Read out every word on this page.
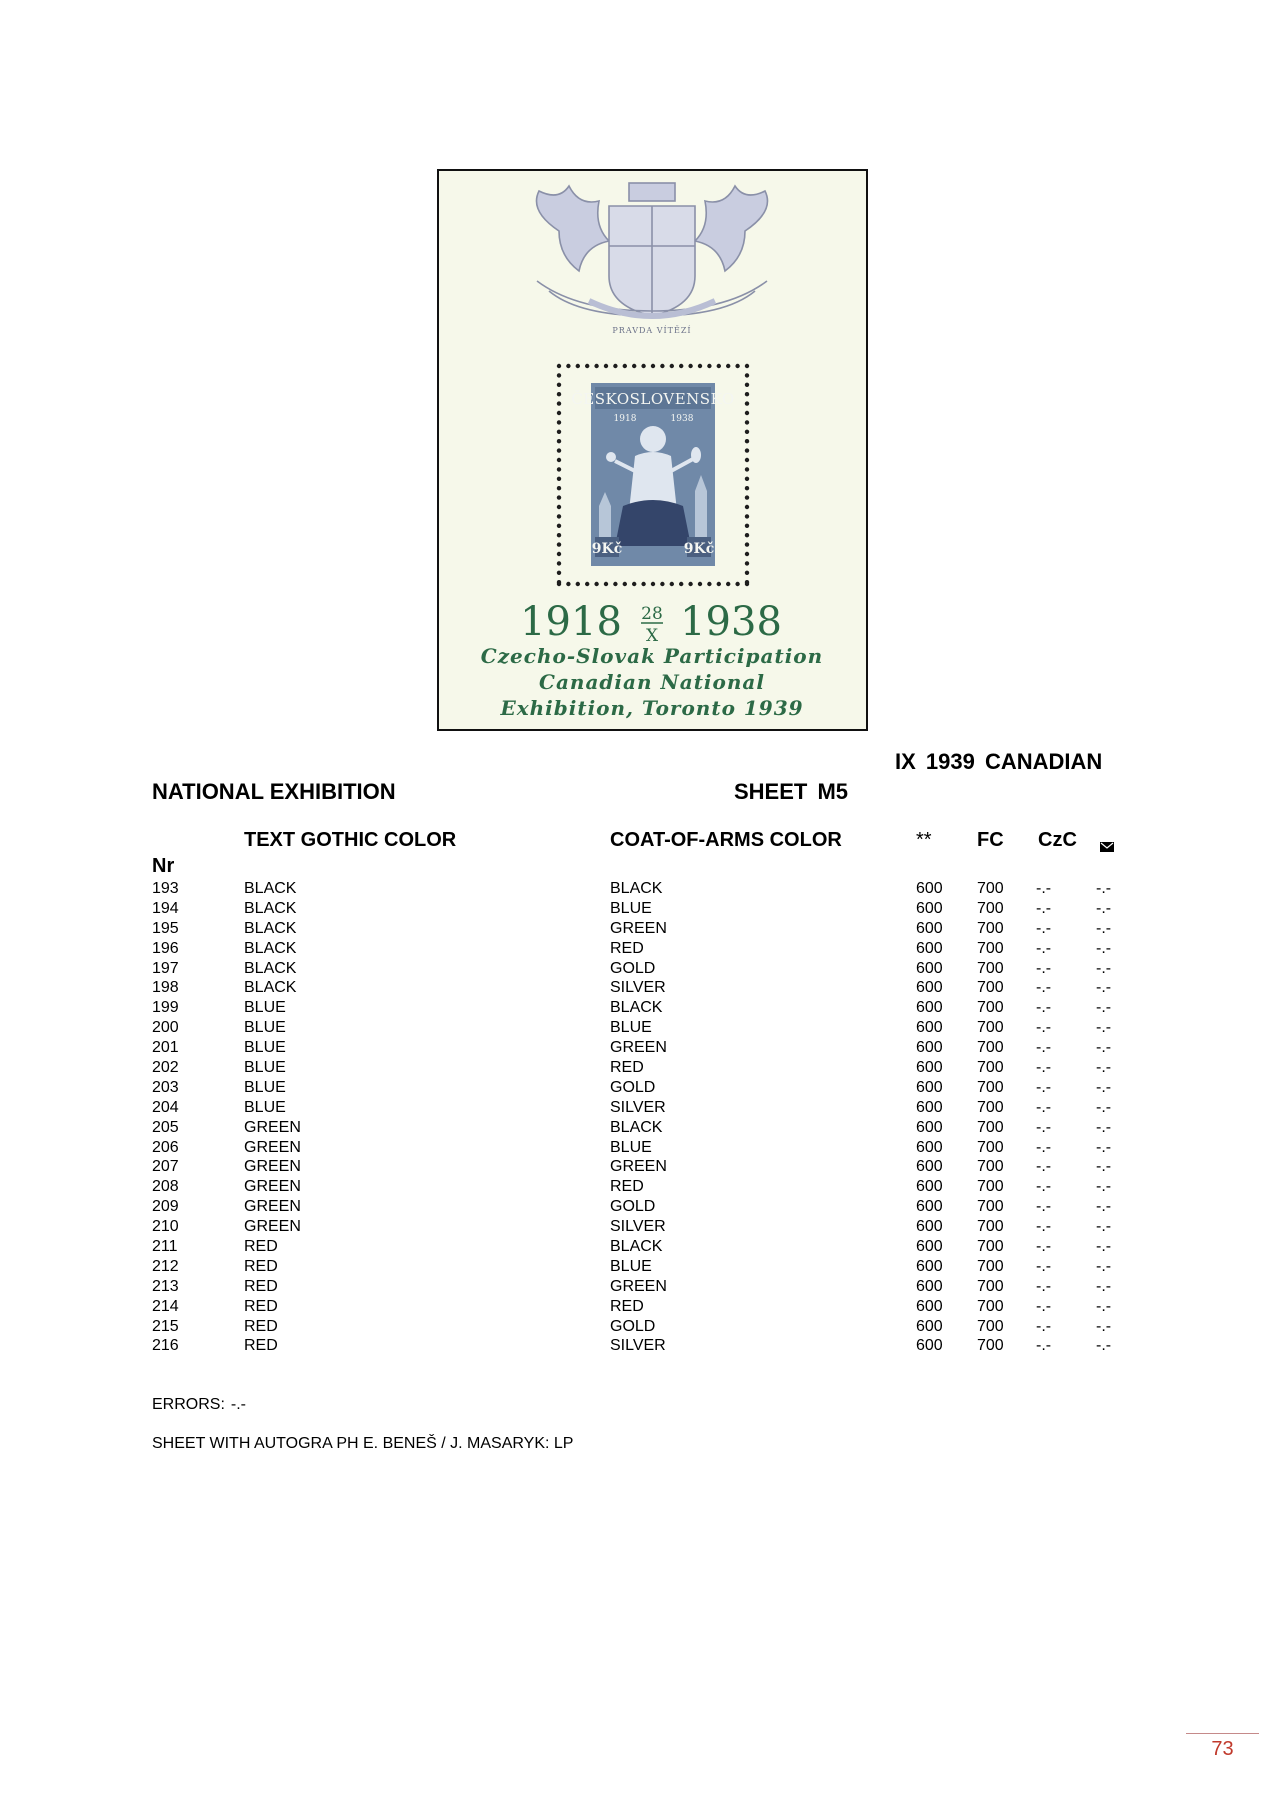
PRAVDA VÍTĚZÍ
ČESKOSLOVENSKO
1918	1938
9Kč	9Kč
1918 28
X 1938
Czecho-Slovak Participation
Canadian National
Exhibition, Toronto 1939
IX 1939 CANADIAN
NATIONAL EXHIBITION	SHEET M5
TEXT GOTHIC COLOR	COAT-OF-ARMS COLOR	** FC CzC
Nr
193	BLACK	BLACK	600 700 -.-	-.-
194	BLACK	BLUE	600 700 -.-	-.-
195	BLACK	GREEN	600 700 -.-	-.-
196	BLACK	RED	600 700 -.-	-.-
197	BLACK	GOLD	600 700 -.-	-.-
198	BLACK	SILVER	600 700 -.-	-.-
199	BLUE	BLACK	600 700 -.-	-.-
200	BLUE	BLUE	600 700 -.-	-.-
201	BLUE	GREEN	600 700 -.-	-.-
202	BLUE	RED	600 700 -.-	-.-
203	BLUE	GOLD	600 700 -.-	-.-
204	BLUE	SILVER	600 700 -.-	-.-
205	GREEN	BLACK	600 700 -.-	-.-
206	GREEN	BLUE	600 700 -.-	-.-
207	GREEN	GREEN	600 700 -.-	-.-
208	GREEN	RED	600 700 -.-	-.-
209	GREEN	GOLD	600 700 -.-	-.-
210	GREEN	SILVER	600 700 -.-	-.-
211	RED	BLACK	600 700 -.-	-.-
212	RED	BLUE	600 700 -.-	-.-
213	RED	GREEN	600 700 -.-	-.-
214	RED	RED	600 700 -.-	-.-
215	RED	GOLD	600 700 -.-	-.-
216	RED	SILVER	600 700 -.-	-.-
ERRORS: -.-
SHEET WITH AUTOGRA PH E. BENEŠ / J. MASARYK: LP
73
